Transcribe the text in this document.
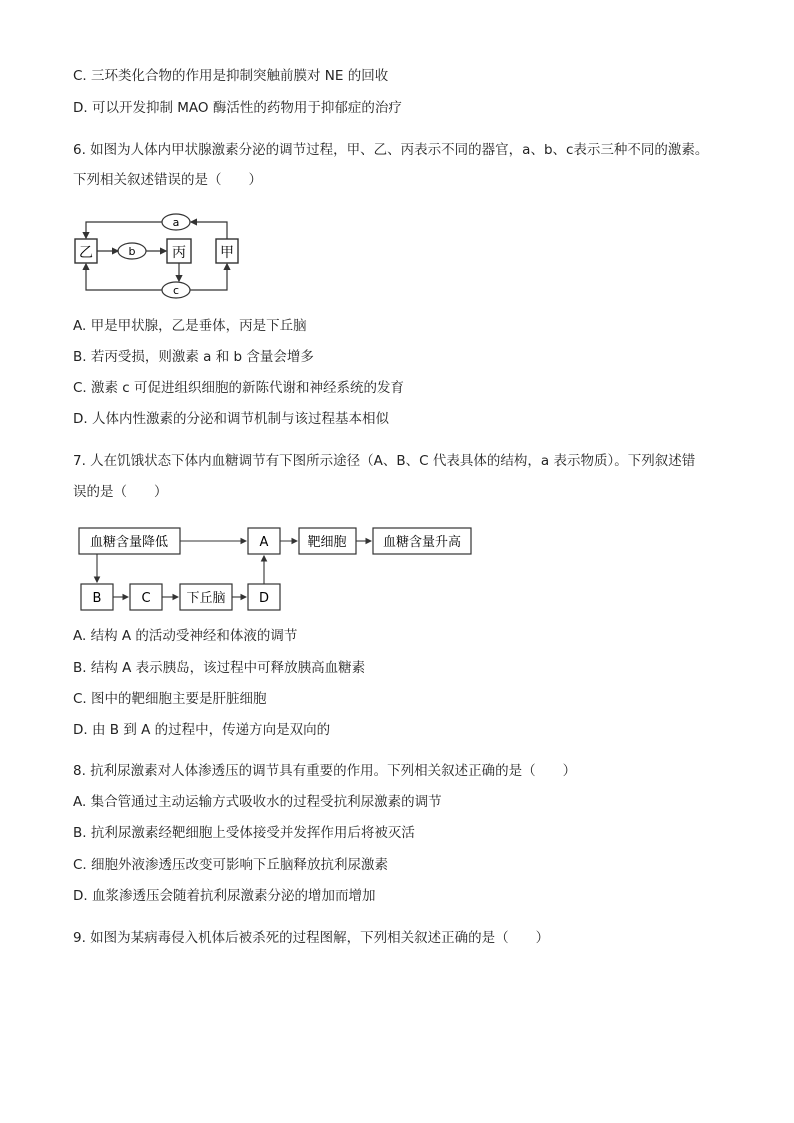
C. 三环类化合物的作用是抑制突触前膜对 NE 的回收
D. 可以开发抑制 MAO 酶活性的药物用于抑郁症的治疗
6. 如图为人体内甲状腺激素分泌的调节过程，甲、乙、丙表示不同的器官，a、b、c表示三种不同的激素。
下列相关叙述错误的是（　　）
乙	丙 甲
a
b
c
A. 甲是甲状腺，乙是垂体，丙是下丘脑
B. 若丙受损，则激素 a 和 b 含量会增多
C. 激素 c 可促进组织细胞的新陈代谢和神经系统的发育
D. 人体内性激素的分泌和调节机制与该过程基本相似
7. 人在饥饿状态下体内血糖调节有下图所示途径（A、B、C 代表具体的结构，a 表示物质）。下列叙述错
误的是（　　）
血糖含量降低	A	靶细胞	血糖含量升高
B	C	下丘脑	D
A. 结构 A 的活动受神经和体液的调节
B. 结构 A 表示胰岛，该过程中可释放胰高血糖素
C. 图中的靶细胞主要是肝脏细胞
D. 由 B 到 A 的过程中，传递方向是双向的
8. 抗利尿激素对人体渗透压的调节具有重要的作用。下列相关叙述正确的是（　　）
A. 集合管通过主动运输方式吸收水的过程受抗利尿激素的调节
B. 抗利尿激素经靶细胞上受体接受并发挥作用后将被灭活
C. 细胞外液渗透压改变可影响下丘脑释放抗利尿激素
D. 血浆渗透压会随着抗利尿激素分泌的增加而增加
9. 如图为某病毒侵入机体后被杀死的过程图解，下列相关叙述正确的是（　　）
